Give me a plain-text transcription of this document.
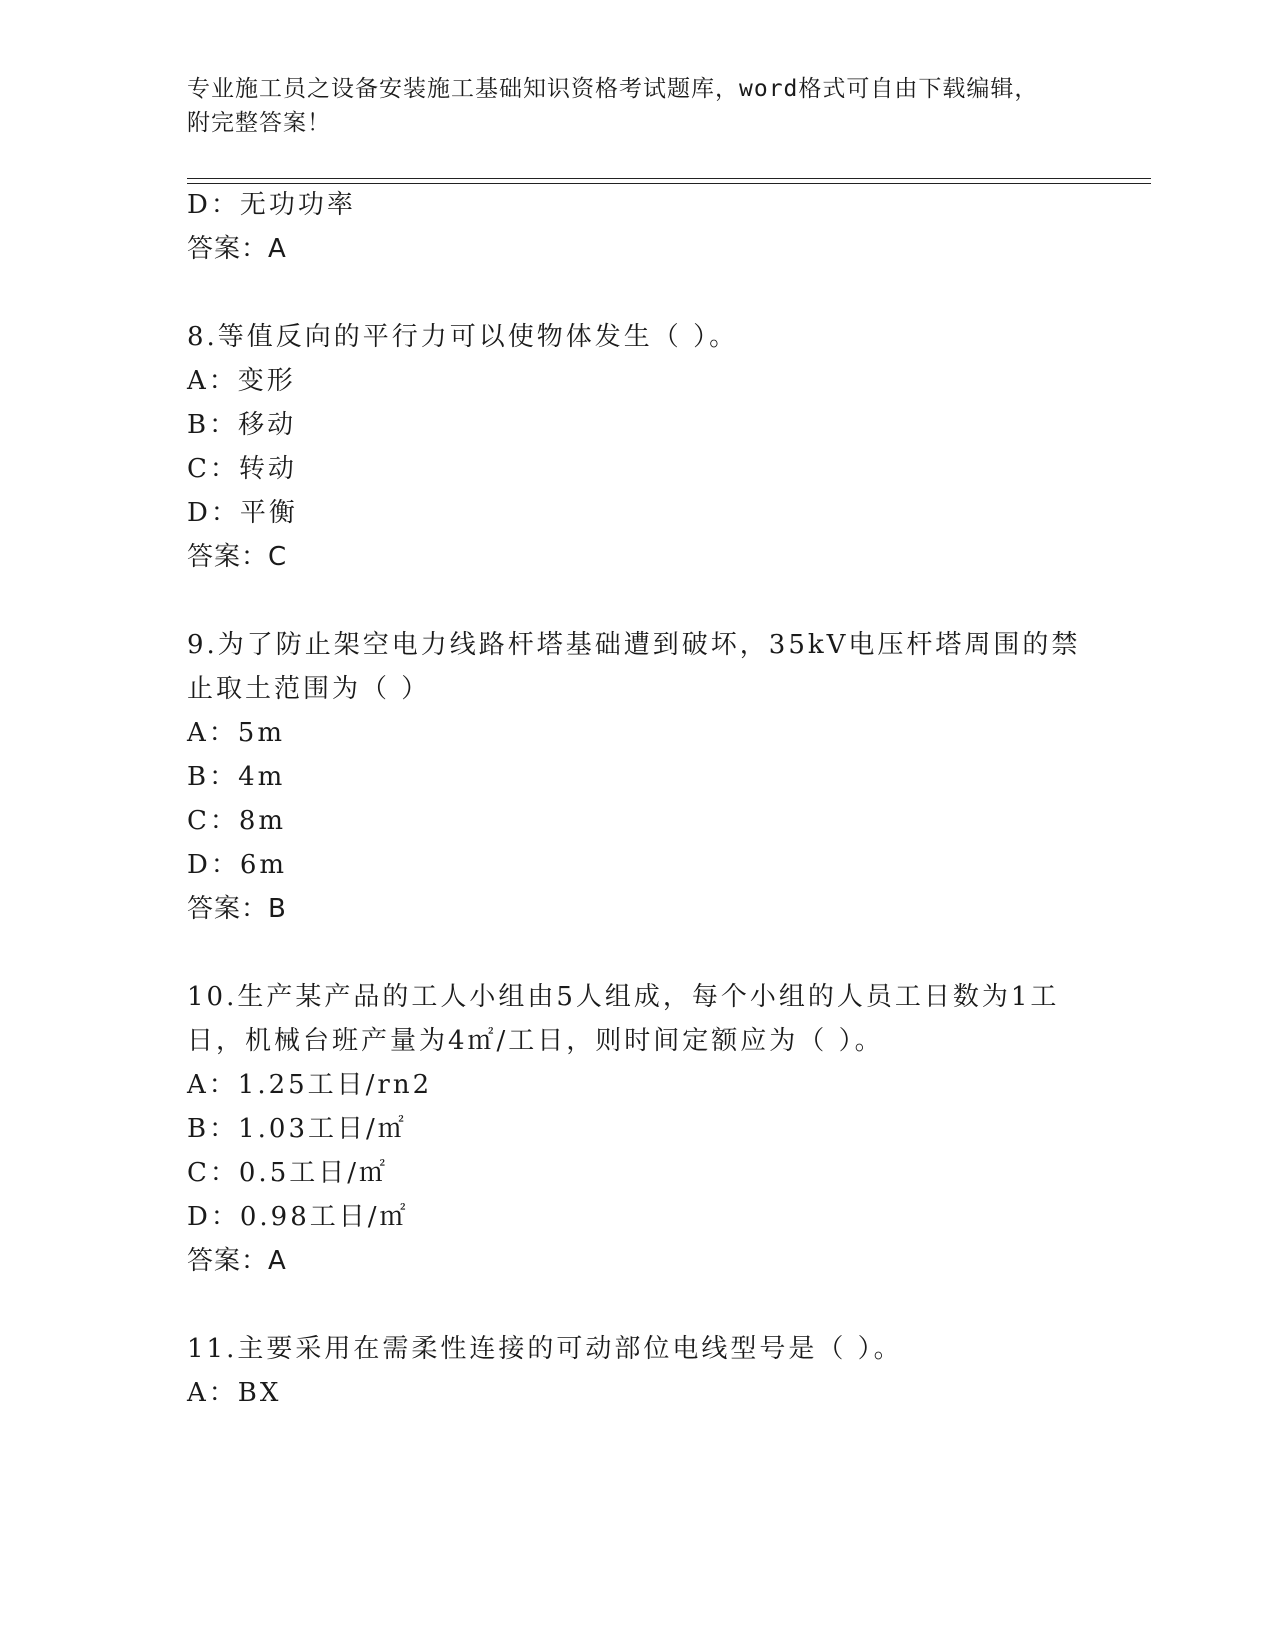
专业施工员之设备安装施工基础知识资格考试题库，word格式可自由下载编辑，
附完整答案！
D：无功功率
答案：A
8.等值反向的平行力可以使物体发生（ ）。
A：变形
B：移动
C：转动
D：平衡
答案：C
9.为了防止架空电力线路杆塔基础遭到破坏，35kV电压杆塔周围的禁
止取土范围为（ ）
A：5m
B：4m
C：8m
D：6m
答案：B
10.生产某产品的工人小组由5人组成，每个小组的人员工日数为1工
日，机械台班产量为4㎡/工日，则时间定额应为（ ）。
A：1.25工日/rn2
B：1.03工日/㎡
C：0.5工日/㎡
D：0.98工日/㎡
答案：A
11.主要采用在需柔性连接的可动部位电线型号是（ ）。
A：BX
